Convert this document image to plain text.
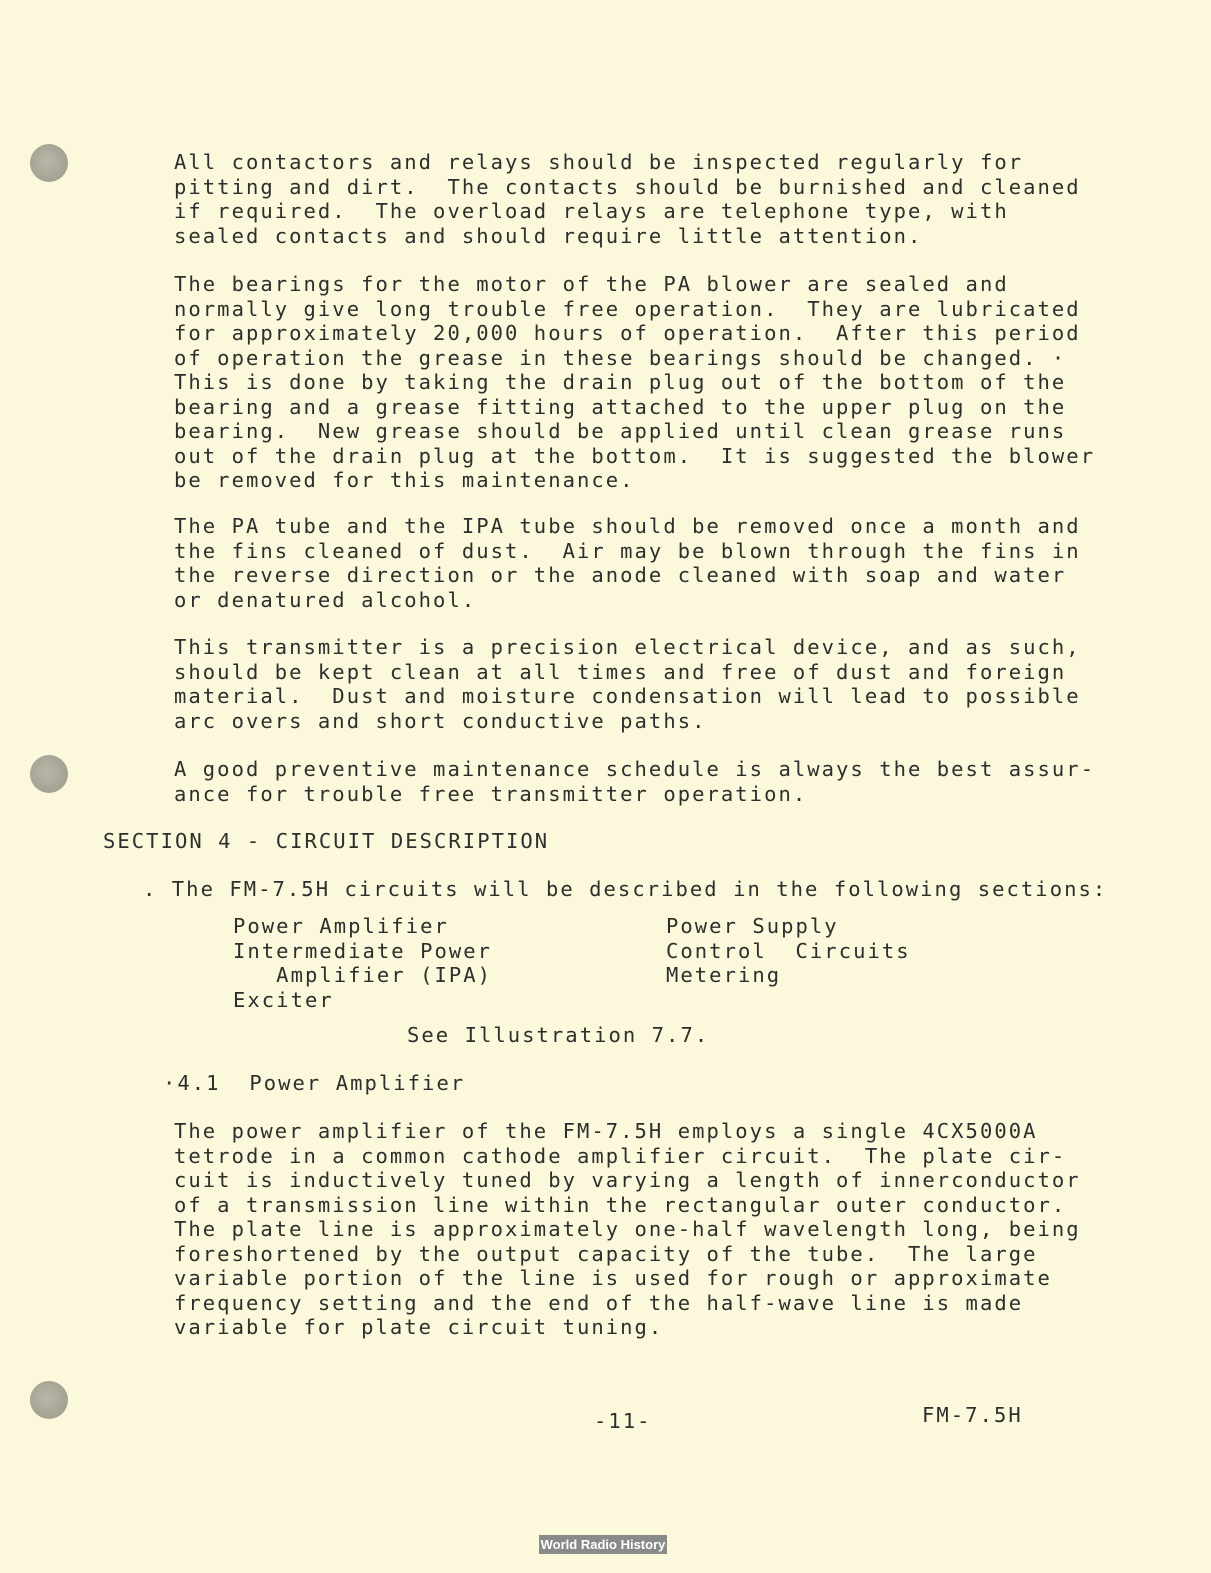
All contactors and relays should be inspected regularly for
pitting and dirt.  The contacts should be burnished and cleaned
if required.  The overload relays are telephone type, with
sealed contacts and should require little attention.

The bearings for the motor of the PA blower are sealed and
normally give long trouble free operation.  They are lubricated
for approximately 20,000 hours of operation.  After this period
of operation the grease in these bearings should be changed. ·
This is done by taking the drain plug out of the bottom of the
bearing and a grease fitting attached to the upper plug on the
bearing.  New grease should be applied until clean grease runs
out of the drain plug at the bottom.  It is suggested the blower
be removed for this maintenance.

The PA tube and the IPA tube should be removed once a month and
the fins cleaned of dust.  Air may be blown through the fins in
the reverse direction or the anode cleaned with soap and water
or denatured alcohol.

This transmitter is a precision electrical device, and as such,
should be kept clean at all times and free of dust and foreign
material.  Dust and moisture condensation will lead to possible
arc overs and short conductive paths.

A good preventive maintenance schedule is always the best assur-
ance for trouble free transmitter operation.

SECTION 4 - CIRCUIT DESCRIPTION

. The FM-7.5H circuits will be described in the following sections:

Power Amplifier
Intermediate Power
Amplifier (IPA)
Exciter

Power Supply
Control  Circuits
Metering

See Illustration 7.7.

·4.1  Power Amplifier

The power amplifier of the FM-7.5H employs a single 4CX5000A
tetrode in a common cathode amplifier circuit.  The plate cir-
cuit is inductively tuned by varying a length of innerconductor
of a transmission line within the rectangular outer conductor.
The plate line is approximately one-half wavelength long, being
foreshortened by the output capacity of the tube.  The large
variable portion of the line is used for rough or approximate
frequency setting and the end of the half-wave line is made
variable for plate circuit tuning.

-11-	FM-7.5H

World Radio History
